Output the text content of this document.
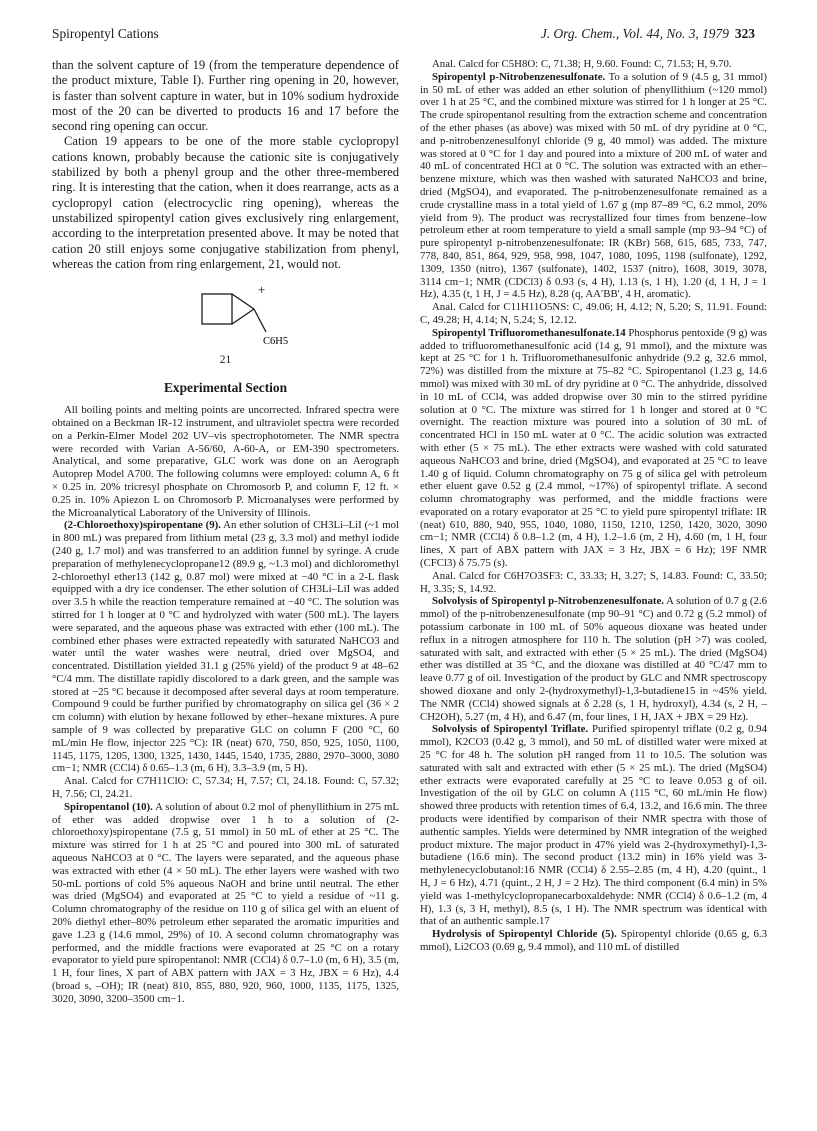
Spiropentyl Cations	J. Org. Chem., Vol. 44, No. 3, 1979 323

than the solvent capture of 19 (from the temperature dependence of the product mixture, Table I). Further ring opening in 20, however, is faster than solvent capture in water, but in 10% sodium hydroxide most of the 20 can be diverted to products 16 and 17 before the second ring opening can occur.

Cation 19 appears to be one of the more stable cyclopropyl cations known, probably because the cationic site is conjugatively stabilized by both a phenyl group and the other three-membered ring. It is interesting that the cation, when it does rearrange, acts as a cyclopropyl cation (electrocyclic ring opening), whereas the unstabilized spiropentyl cation gives exclusively ring enlargement, according to the interpretation presented above. It may be noted that cation 20 still enjoys some conjugative stabilization from phenyl, whereas the cation from ring enlargement, 21, would not.

+
C6H5
21
Experimental Section

All boiling points and melting points are uncorrected. Infrared spectra were obtained on a Beckman IR-12 instrument, and ultraviolet spectra were recorded on a Perkin-Elmer Model 202 UV–vis spectrophotometer. The NMR spectra were recorded with Varian A-56/60, A-60-A, or EM-390 spectrometers. Analytical, and some preparative, GLC work was done on an Aerograph Autoprep Model A700. The following columns were employed: column A, 6 ft × 0.25 in. 20% tricresyl phosphate on Chromosorb P, and column F, 12 ft. × 0.25 in. 10% Apiezon L on Chromosorb P. Microanalyses were performed by the Microanalytical Laboratory of the University of Illinois.

(2-Chloroethoxy)spiropentane (9). An ether solution of CH3Li–LiI (~1 mol in 800 mL) was prepared from lithium metal (23 g, 3.3 mol) and methyl iodide (240 g, 1.7 mol) and was transferred to an addition funnel by syringe. A crude preparation of methylenecyclopropane12 (89.9 g, ~1.3 mol) and dichloromethyl 2-chloroethyl ether13 (142 g, 0.87 mol) were mixed at −40 °C in a 2-L flask equipped with a dry ice condenser. The ether solution of CH3Li–LiI was added over 3.5 h while the reaction temperature remained at −40 °C. The solution was stirred for 1 h longer at 0 °C and hydrolyzed with water (500 mL). The layers were separated, and the aqueous phase was extracted with ether (100 mL). The combined ether phases were extracted repeatedly with saturated NaHCO3 and water until the water washes were neutral, dried over MgSO4, and concentrated. Distillation yielded 31.1 g (25% yield) of the product 9 at 48–62 °C/4 mm. The distillate rapidly discolored to a dark green, and the sample was stored at −25 °C because it decomposed after several days at room temperature. Compound 9 could be further purified by chromatography on silica gel (36 × 2 cm column) with elution by hexane followed by ether–hexane mixtures. A pure sample of 9 was collected by preparative GLC on column F (200 °C, 60 mL/min He flow, injector 225 °C): IR (neat) 670, 750, 850, 925, 1050, 1100, 1145, 1175, 1205, 1300, 1325, 1430, 1445, 1540, 1735, 2880, 2970–3000, 3080 cm−1; NMR (CCl4) δ 0.65–1.3 (m, 6 H), 3.3–3.9 (m, 5 H).

Anal. Calcd for C7H11ClO: C, 57.34; H, 7.57; Cl, 24.18. Found: C, 57.32; H, 7.56; Cl, 24.21.

Spiropentanol (10). A solution of about 0.2 mol of phenyllithium in 275 mL of ether was added dropwise over 1 h to a solution of (2-chloroethoxy)spiropentane (7.5 g, 51 mmol) in 50 mL of ether at 25 °C. The mixture was stirred for 1 h at 25 °C and poured into 300 mL of saturated aqueous NaHCO3 at 0 °C. The layers were separated, and the aqueous phase was extracted with ether (4 × 50 mL). The ether layers were washed with two 50-mL portions of cold 5% aqueous NaOH and brine until neutral. The ether was dried (MgSO4) and evaporated at 25 °C to yield a residue of ~11 g. Column chromatography of the residue on 110 g of silica gel with an eluent of 20% diethyl ether–80% petroleum ether separated the aromatic impurities and gave 1.23 g (14.6 mmol, 29%) of 10. A second column chromatography was performed, and the middle fractions were evaporated at 25 °C on a rotary evaporator to yield pure spiropentanol: NMR (CCl4) δ 0.7–1.0 (m, 6 H), 3.5 (m, 1 H, four lines, X part of ABX pattern with JAX = 3 Hz, JBX = 6 Hz), 4.4 (broad s, –OH); IR (neat) 810, 855, 880, 920, 960, 1000, 1135, 1175, 1325, 3020, 3090, 3200–3500 cm−1.

Anal. Calcd for C5H8O: C, 71.38; H, 9.60. Found: C, 71.53; H, 9.70.

Spiropentyl p-Nitrobenzenesulfonate. To a solution of 9 (4.5 g, 31 mmol) in 50 mL of ether was added an ether solution of phenyllithium (~120 mmol) over 1 h at 25 °C, and the combined mixture was stirred for 1 h longer at 25 °C. The crude spiropentanol resulting from the extraction scheme and concentration of the ether phases (as above) was mixed with 50 mL of dry pyridine at 0 °C, and p-nitrobenzenesulfonyl chloride (9 g, 40 mmol) was added. The mixture was stored at 0 °C for 1 day and poured into a mixture of 200 mL of water and 40 mL of concentrated HCl at 0 °C. The solution was extracted with an ether–benzene mixture, which was then washed with saturated NaHCO3 and brine, dried (MgSO4), and evaporated. The p-nitrobenzenesulfonate remained as a crude crystalline mass in a total yield of 1.67 g (mp 87–89 °C, 6.2 mmol, 20% yield from 9). The product was recrystallized four times from benzene–low petroleum ether at room temperature to yield a small sample (mp 93–94 °C) of pure spiropentyl p-nitrobenzenesulfonate: IR (KBr) 568, 615, 685, 733, 747, 778, 840, 851, 864, 929, 958, 998, 1047, 1080, 1095, 1198 (sulfonate), 1292, 1309, 1350 (nitro), 1367 (sulfonate), 1402, 1537 (nitro), 1608, 3019, 3078, 3114 cm−1; NMR (CDCl3) δ 0.93 (s, 4 H), 1.13 (s, 1 H), 1.20 (d, 1 H, J = 1 Hz), 4.35 (t, 1 H, J = 4.5 Hz), 8.28 (q, AA′BB′, 4 H, aromatic).

Anal. Calcd for C11H11O5NS: C, 49.06; H, 4.12; N, 5.20; S, 11.91. Found: C, 49.28; H, 4.14; N, 5.24; S, 12.12.

Spiropentyl Trifluoromethanesulfonate.14 Phosphorus pentoxide (9 g) was added to trifluoromethanesulfonic acid (14 g, 91 mmol), and the mixture was kept at 25 °C for 1 h. Trifluoromethanesulfonic anhydride (9.2 g, 32.6 mmol, 72%) was distilled from the mixture at 75–82 °C. Spiropentanol (1.23 g, 14.6 mmol) was mixed with 30 mL of dry pyridine at 0 °C. The anhydride, dissolved in 10 mL of CCl4, was added dropwise over 30 min to the stirred pyridine solution at 0 °C. The mixture was stirred for 1 h longer and stored at 0 °C overnight. The reaction mixture was poured into a solution of 30 mL of concentrated HCl in 150 mL water at 0 °C. The acidic solution was extracted with ether (5 × 75 mL). The ether extracts were washed with cold saturated aqueous NaHCO3 and brine, dried (MgSO4), and evaporated at 25 °C to leave 1.40 g of liquid. Column chromatography on 75 g of silica gel with petroleum ether eluent gave 0.52 g (2.4 mmol, ~17%) of spiropentyl triflate. A second column chromatography was performed, and the middle fractions were evaporated on a rotary evaporator at 25 °C to yield pure spiropentyl triflate: IR (neat) 610, 880, 940, 955, 1040, 1080, 1150, 1210, 1250, 1420, 3020, 3090 cm−1; NMR (CCl4) δ 0.8–1.2 (m, 4 H), 1.2–1.6 (m, 2 H), 4.60 (m, 1 H, four lines, X part of ABX pattern with JAX = 3 Hz, JBX = 6 Hz); 19F NMR (CFCl3) δ 75.75 (s).

Anal. Calcd for C6H7O3SF3: C, 33.33; H, 3.27; S, 14.83. Found: C, 33.50; H, 3.35; S, 14.92.

Solvolysis of Spiropentyl p-Nitrobenzenesulfonate. A solution of 0.7 g (2.6 mmol) of the p-nitrobenzenesulfonate (mp 90–91 °C) and 0.72 g (5.2 mmol) of potassium carbonate in 100 mL of 50% aqueous dioxane was heated under reflux in a nitrogen atmosphere for 110 h. The solution (pH >7) was cooled, saturated with salt, and extracted with ether (5 × 25 mL). The dried (MgSO4) ether was distilled at 35 °C, and the dioxane was distilled at 40 °C/47 mm to leave 0.77 g of oil. Investigation of the product by GLC and NMR spectroscopy showed dioxane and only 2-(hydroxymethyl)-1,3-butadiene15 in ~45% yield. The NMR (CCl4) showed signals at δ 2.28 (s, 1 H, hydroxyl), 4.34 (s, 2 H, –CH2OH), 5.27 (m, 4 H), and 6.47 (m, four lines, 1 H, JAX + JBX = 29 Hz).

Solvolysis of Spiropentyl Triflate. Purified spiropentyl triflate (0.2 g, 0.94 mmol), K2CO3 (0.42 g, 3 mmol), and 50 mL of distilled water were mixed at 25 °C for 48 h. The solution pH ranged from 11 to 10.5. The solution was saturated with salt and extracted with ether (5 × 25 mL). The dried (MgSO4) ether extracts were evaporated carefully at 25 °C to leave 0.053 g of oil. Investigation of the oil by GLC on column A (115 °C, 60 mL/min He flow) showed three products with retention times of 6.4, 13.2, and 16.6 min. The three products were identified by comparison of their NMR spectra with those of authentic samples. Yields were determined by NMR integration of the weighed product mixture. The major product in 47% yield was 2-(hydroxymethyl)-1,3-butadiene (16.6 min). The second product (13.2 min) in 16% yield was 3-methylenecyclobutanol:16 NMR (CCl4) δ 2.55–2.85 (m, 4 H), 4.20 (quint., 1 H, J = 6 Hz), 4.71 (quint., 2 H, J = 2 Hz). The third component (6.4 min) in 5% yield was 1-methylcyclopropanecarboxaldehyde: NMR (CCl4) δ 0.6–1.2 (m, 4 H), 1.3 (s, 3 H, methyl), 8.5 (s, 1 H). The NMR spectrum was identical with that of an authentic sample.17

Hydrolysis of Spiropentyl Chloride (5). Spiropentyl chloride (0.65 g, 6.3 mmol), Li2CO3 (0.69 g, 9.4 mmol), and 110 mL of distilled
